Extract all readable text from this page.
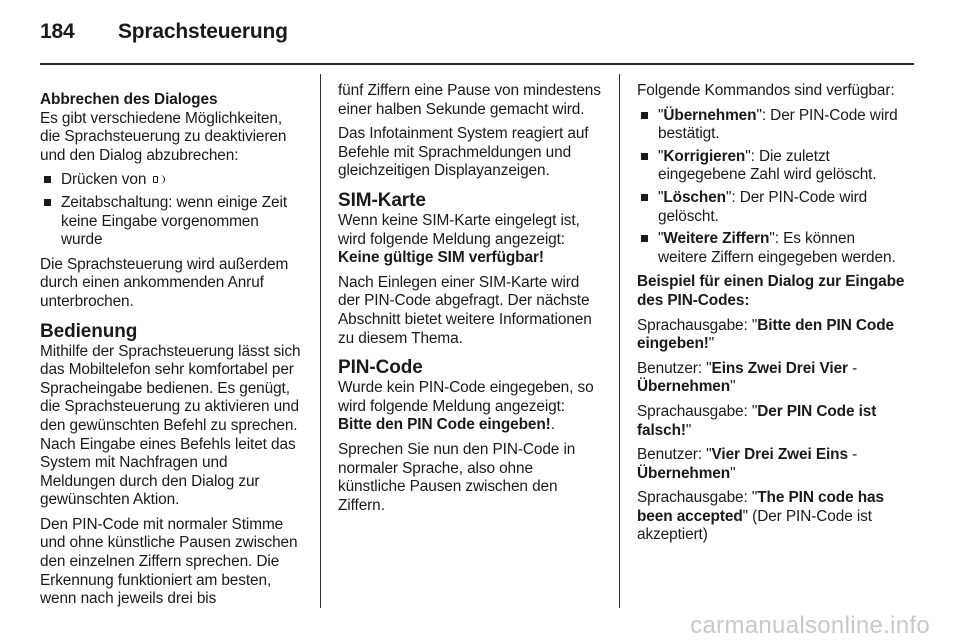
184 Sprachsteuerung

Abbrechen des Dialoges

Es gibt verschiedene Möglichkeiten, die Sprachsteuerung zu deaktivieren und den Dialog abzubrechen:

Drücken von
Zeitabschaltung: wenn einige Zeit keine Eingabe vorgenommen wurde

Die Sprachsteuerung wird außerdem durch einen ankommenden Anruf unterbrochen.

Bedienung

Mithilfe der Sprachsteuerung lässt sich das Mobiltelefon sehr komfortabel per Spracheingabe bedienen. Es genügt, die Sprachsteuerung zu aktivieren und den gewünschten Befehl zu sprechen. Nach Eingabe eines Befehls leitet das System mit Nachfragen und Meldungen durch den Dialog zur gewünschten Aktion.

Den PIN-Code mit normaler Stimme und ohne künstliche Pausen zwischen den einzelnen Ziffern sprechen. Die Erkennung funktioniert am besten, wenn nach jeweils drei bis

fünf Ziffern eine Pause von mindestens einer halben Sekunde gemacht wird.

Das Infotainment System reagiert auf Befehle mit Sprachmeldungen und gleichzeitigen Displayanzeigen.

SIM-Karte

Wenn keine SIM-Karte eingelegt ist, wird folgende Meldung angezeigt:

Keine gültige SIM verfügbar!

Nach Einlegen einer SIM-Karte wird der PIN-Code abgefragt. Der nächste Abschnitt bietet weitere Informationen zu diesem Thema.

PIN-Code

Wurde kein PIN-Code eingegeben, so wird folgende Meldung angezeigt:

Bitte den PIN Code eingeben!.

Sprechen Sie nun den PIN-Code in normaler Sprache, also ohne künstliche Pausen zwischen den Ziffern.

Folgende Kommandos sind verfügbar:

"Übernehmen": Der PIN-Code wird bestätigt.
"Korrigieren": Die zuletzt eingegebene Zahl wird gelöscht.
"Löschen": Der PIN-Code wird gelöscht.
"Weitere Ziffern": Es können weitere Ziffern eingegeben werden.

Beispiel für einen Dialog zur Eingabe des PIN-Codes:

Sprachausgabe: "Bitte den PIN Code eingeben!"

Benutzer: "Eins Zwei Drei Vier - Übernehmen"

Sprachausgabe: "Der PIN Code ist falsch!"

Benutzer: "Vier Drei Zwei Eins - Übernehmen"

Sprachausgabe: "The PIN code has been accepted" (Der PIN-Code ist akzeptiert)

carmanualsonline.info
